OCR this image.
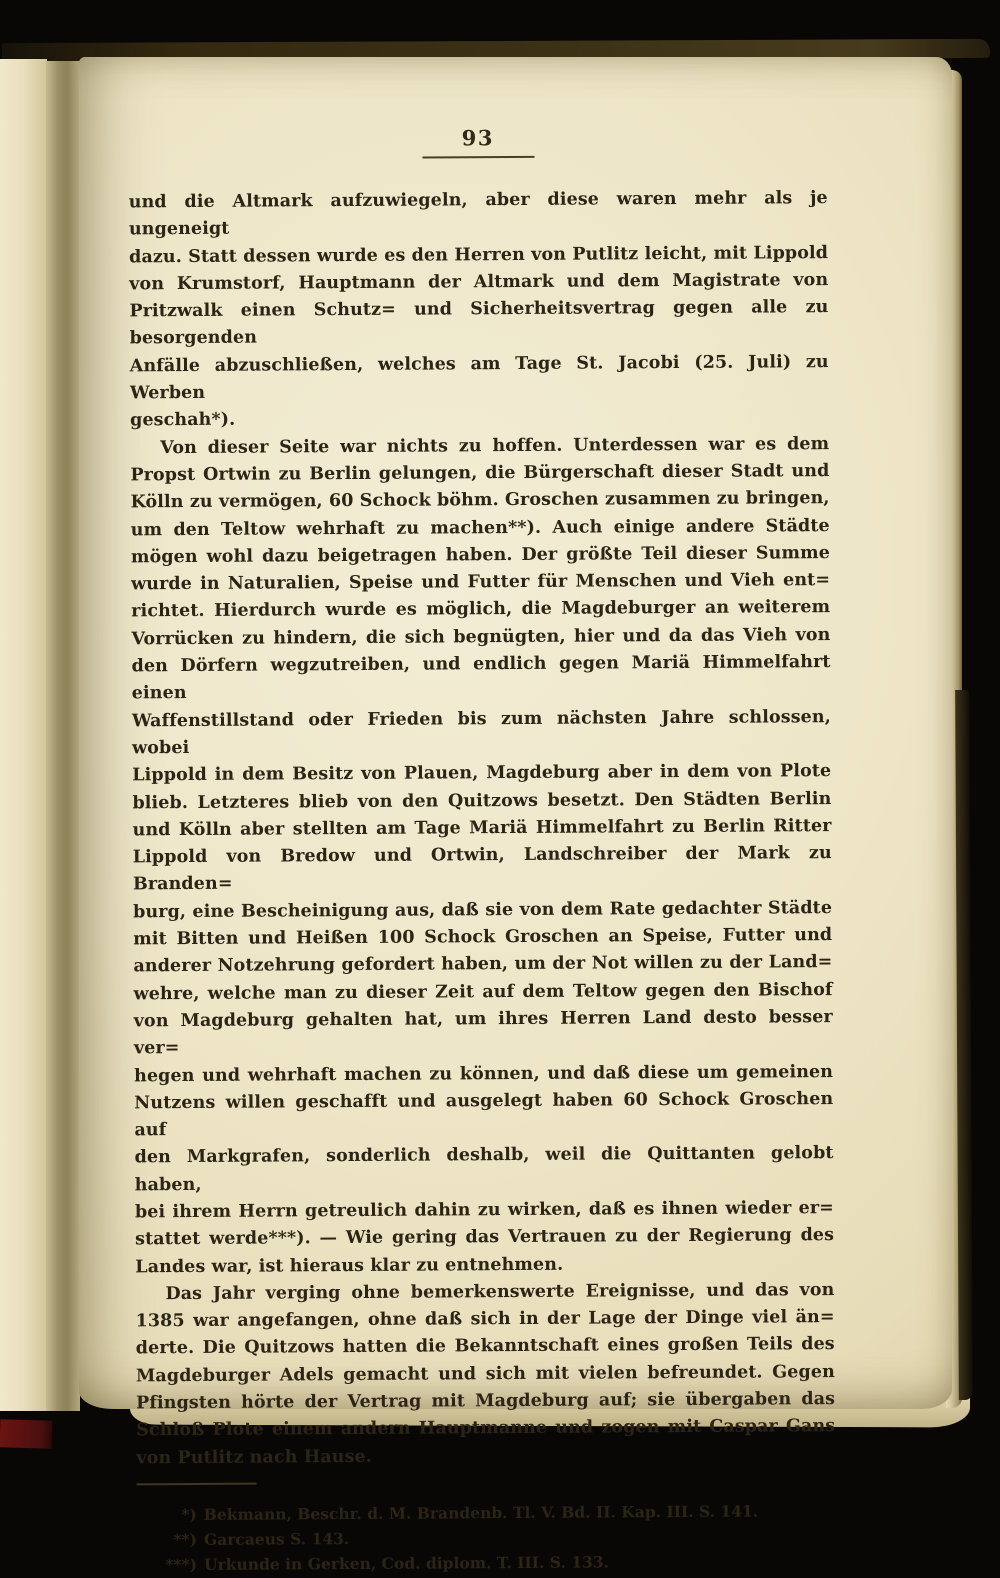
93
und die Altmark aufzuwiegeln, aber diese waren mehr als je ungeneigt
dazu. Statt dessen wurde es den Herren von Putlitz leicht, mit Lippold
von Krumstorf, Hauptmann der Altmark und dem Magistrate von
Pritzwalk einen Schutz= und Sicherheitsvertrag gegen alle zu besorgenden
Anfälle abzuschließen, welches am Tage St. Jacobi (25. Juli) zu Werben
geschah*).
Von dieser Seite war nichts zu hoffen. Unterdessen war es dem
Propst Ortwin zu Berlin gelungen, die Bürgerschaft dieser Stadt und
Kölln zu vermögen, 60 Schock böhm. Groschen zusammen zu bringen,
um den Teltow wehrhaft zu machen**). Auch einige andere Städte
mögen wohl dazu beigetragen haben. Der größte Teil dieser Summe
wurde in Naturalien, Speise und Futter für Menschen und Vieh ent=
richtet. Hierdurch wurde es möglich, die Magdeburger an weiterem
Vorrücken zu hindern, die sich begnügten, hier und da das Vieh von
den Dörfern wegzutreiben, und endlich gegen Mariä Himmelfahrt einen
Waffenstillstand oder Frieden bis zum nächsten Jahre schlossen, wobei
Lippold in dem Besitz von Plauen, Magdeburg aber in dem von Plote
blieb. Letzteres blieb von den Quitzows besetzt. Den Städten Berlin
und Kölln aber stellten am Tage Mariä Himmelfahrt zu Berlin Ritter
Lippold von Bredow und Ortwin, Landschreiber der Mark zu Branden=
burg, eine Bescheinigung aus, daß sie von dem Rate gedachter Städte
mit Bitten und Heißen 100 Schock Groschen an Speise, Futter und
anderer Notzehrung gefordert haben, um der Not willen zu der Land=
wehre, welche man zu dieser Zeit auf dem Teltow gegen den Bischof
von Magdeburg gehalten hat, um ihres Herren Land desto besser ver=
hegen und wehrhaft machen zu können, und daß diese um gemeinen
Nutzens willen geschafft und ausgelegt haben 60 Schock Groschen auf
den Markgrafen, sonderlich deshalb, weil die Quittanten gelobt haben,
bei ihrem Herrn getreulich dahin zu wirken, daß es ihnen wieder er=
stattet werde***). — Wie gering das Vertrauen zu der Regierung des
Landes war, ist hieraus klar zu entnehmen.
Das Jahr verging ohne bemerkenswerte Ereignisse, und das von
1385 war angefangen, ohne daß sich in der Lage der Dinge viel än=
derte. Die Quitzows hatten die Bekanntschaft eines großen Teils des
Magdeburger Adels gemacht und sich mit vielen befreundet. Gegen
Pfingsten hörte der Vertrag mit Magdeburg auf; sie übergaben das
Schloß Plote einem andern Hauptmanne und zogen mit Caspar Gans
von Putlitz nach Hause.
*) Bekmann, Beschr. d. M. Brandenb. Tl. V. Bd. II. Kap. III. S. 141.
**) Garcaeus S. 143.
***) Urkunde in Gerken, Cod. diplom. T. III. S. 133.
